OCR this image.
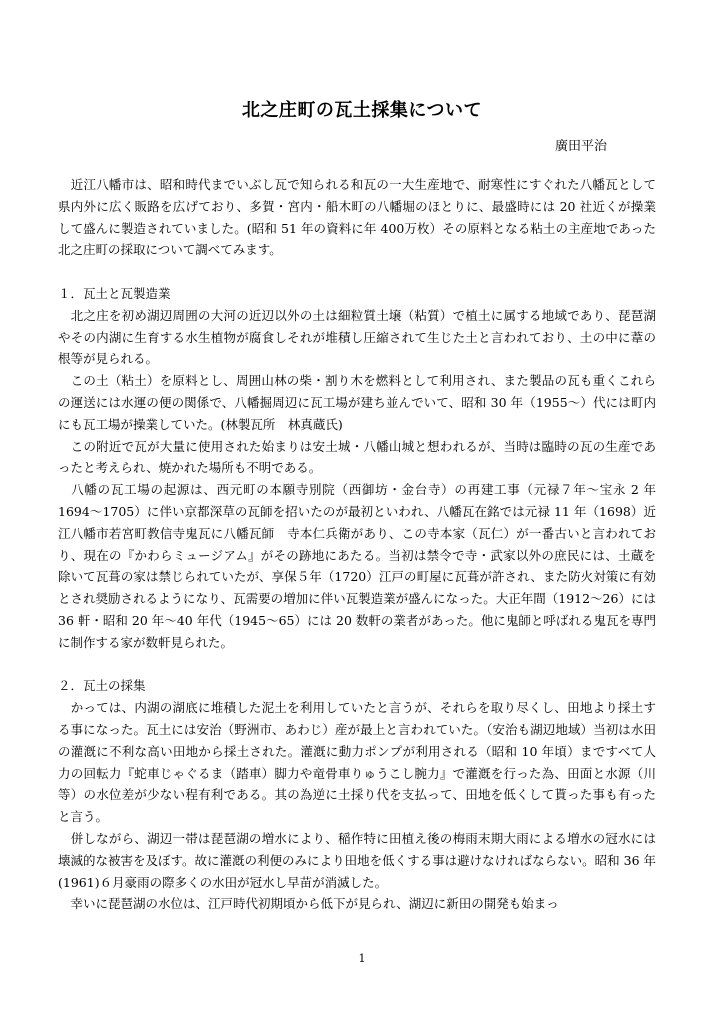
北之庄町の瓦土採集について
廣田平治

　近江八幡市は、昭和時代までいぶし瓦で知られる和瓦の一大生産地で、耐寒性にすぐれた八幡瓦として県内外に広く販路を広げており、多賀・宮内・船木町の八幡堀のほとりに、最盛時には 20 社近くが操業して盛んに製造されていました。(昭和 51 年の資料に年 400万枚）その原料となる粘土の主産地であった北之庄町の採取について調べてみます。

１．瓦土と瓦製造業

　北之庄を初め湖辺周囲の大河の近辺以外の土は細粒質土壌（粘質）で植土に属する地域であり、琵琶湖やその内湖に生育する水生植物が腐食しそれが堆積し圧縮されて生じた土と言われており、土の中に葦の根等が見られる。

　この土（粘土）を原料とし、周囲山林の柴・割り木を燃料として利用され、また製品の瓦も重くこれらの運送には水運の便の関係で、八幡掘周辺に瓦工場が建ち並んでいて、昭和 30 年（1955～）代には町内にも瓦工場が操業していた。(林製瓦所　林真蔵氏)

　この附近で瓦が大量に使用された始まりは安土城・八幡山城と想われるが、当時は臨時の瓦の生産であったと考えられ、焼かれた場所も不明である。

　八幡の瓦工場の起源は、西元町の本願寺別院（西御坊・金台寺）の再建工事（元禄７年～宝永 2 年 1694～1705）に伴い京都深草の瓦師を招いたのが最初といわれ、八幡瓦在銘では元禄 11 年（1698）近江八幡市若宮町教信寺鬼瓦に八幡瓦師　寺本仁兵衛があり、この寺本家（瓦仁）が一番古いと言われており、現在の『かわらミュージアム』がその跡地にあたる。当初は禁令で寺・武家以外の庶民には、土蔵を除いて瓦葺の家は禁じられていたが、享保５年（1720）江戸の町屋に瓦葺が許され、また防火対策に有効とされ奨励されるようになり、瓦需要の増加に伴い瓦製造業が盛んになった。大正年間（1912～26）には 36 軒・昭和 20 年～40 年代（1945～65）には 20 数軒の業者があった。他に鬼師と呼ばれる鬼瓦を専門に制作する家が数軒見られた。

２．瓦土の採集

　かっては、内湖の湖底に堆積した泥土を利用していたと言うが、それらを取り尽くし、田地より採土する事になった。瓦土には安治（野洲市、あわじ）産が最上と言われていた。（安治も湖辺地域）当初は水田の灌漑に不利な高い田地から採土された。灌漑に動力ポンプが利用される（昭和 10 年頃）まですべて人力の回転力『蛇車じゃぐるま（踏車）脚力や竜骨車りゅうこし腕力』で灌漑を行った為、田面と水源（川等）の水位差が少ない程有利である。其の為逆に土採り代を支払って、田地を低くして貰った事も有ったと言う。

　併しながら、湖辺一帯は琵琶湖の増水により、稲作特に田植え後の梅雨末期大雨による増水の冠水には壊滅的な被害を及ぼす。故に灌漑の利便のみにより田地を低くする事は避けなければならない。昭和 36 年(1961)６月豪雨の際多くの水田が冠水し早苗が消滅した。

　幸いに琵琶湖の水位は、江戸時代初期頃から低下が見られ、湖辺に新田の開発も始まっ

1
